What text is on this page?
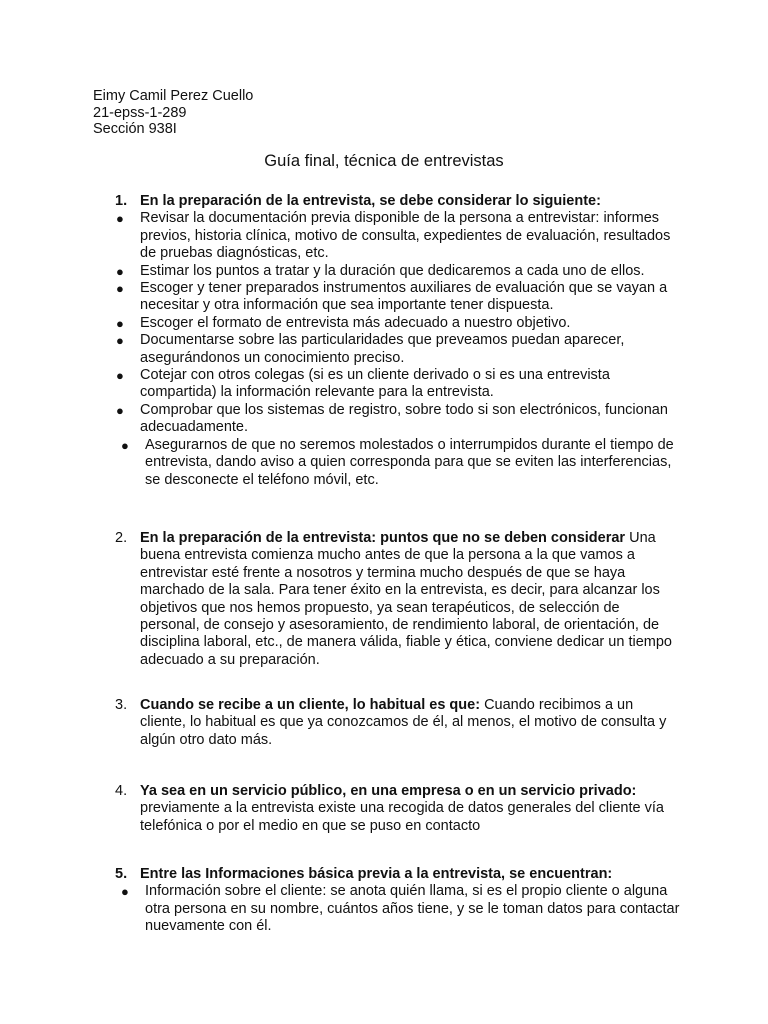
Eimy Camil Perez Cuello
21-epss-1-289
Sección 938I
Guía final, técnica de entrevistas
1. En la preparación de la entrevista, se debe considerar lo siguiente:
● Revisar la documentación previa disponible de la persona a entrevistar: informes previos, historia clínica, motivo de consulta, expedientes de evaluación, resultados de pruebas diagnósticas, etc.
● Estimar los puntos a tratar y la duración que dedicaremos a cada uno de ellos.
● Escoger y tener preparados instrumentos auxiliares de evaluación que se vayan a necesitar y otra información que sea importante tener dispuesta.
● Escoger el formato de entrevista más adecuado a nuestro objetivo.
● Documentarse sobre las particularidades que preveamos puedan aparecer, asegurándonos un conocimiento preciso.
● Cotejar con otros colegas (si es un cliente derivado o si es una entrevista compartida) la información relevante para la entrevista.
● Comprobar que los sistemas de registro, sobre todo si son electrónicos, funcionan adecuadamente.
● Asegurarnos de que no seremos molestados o interrumpidos durante el tiempo de entrevista, dando aviso a quien corresponda para que se eviten las interferencias, se desconecte el teléfono móvil, etc.
2. En la preparación de la entrevista: puntos que no se deben considerar Una buena entrevista comienza mucho antes de que la persona a la que vamos a entrevistar esté frente a nosotros y termina mucho después de que se haya marchado de la sala. Para tener éxito en la entrevista, es decir, para alcanzar los objetivos que nos hemos propuesto, ya sean terapéuticos, de selección de personal, de consejo y asesoramiento, de rendimiento laboral, de orientación, de disciplina laboral, etc., de manera válida, fiable y ética, conviene dedicar un tiempo adecuado a su preparación.
3. Cuando se recibe a un cliente, lo habitual es que: Cuando recibimos a un cliente, lo habitual es que ya conozcamos de él, al menos, el motivo de consulta y algún otro dato más.
4. Ya sea en un servicio público, en una empresa o en un servicio privado: previamente a la entrevista existe una recogida de datos generales del cliente vía telefónica o por el medio en que se puso en contacto
5. Entre las Informaciones básica previa a la entrevista, se encuentran:
● Información sobre el cliente: se anota quién llama, si es el propio cliente o alguna otra persona en su nombre, cuántos años tiene, y se le toman datos para contactar nuevamente con él.
